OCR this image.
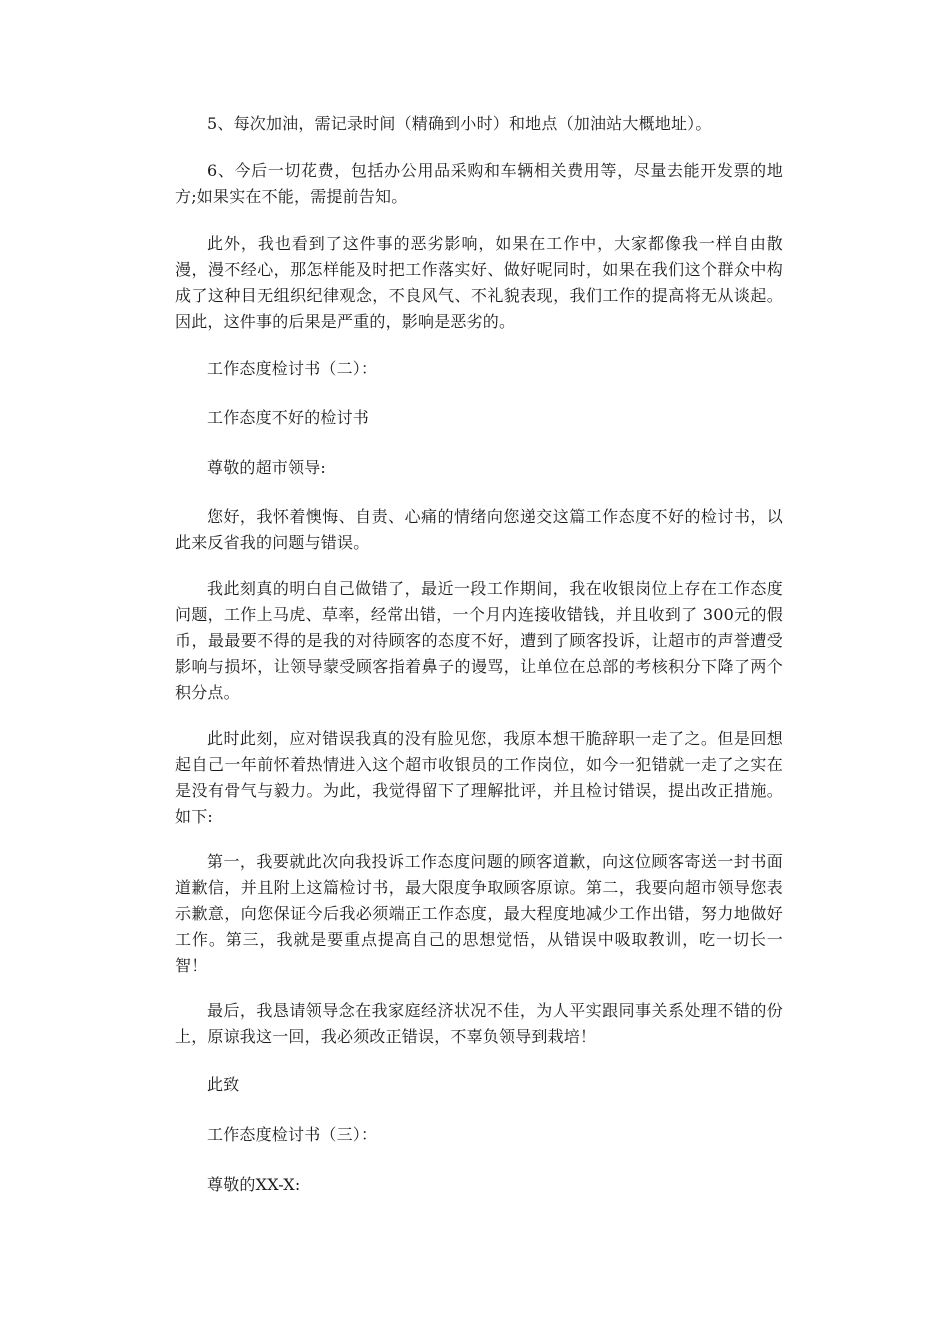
5、每次加油，需记录时间（精确到小时）和地点（加油站大概地址）。

6、今后一切花费，包括办公用品采购和车辆相关费用等，尽量去能开发票的地方;如果实在不能，需提前告知。

此外，我也看到了这件事的恶劣影响，如果在工作中，大家都像我一样自由散漫，漫不经心，那怎样能及时把工作落实好、做好呢同时，如果在我们这个群众中构成了这种目无组织纪律观念，不良风气、不礼貌表现，我们工作的提高将无从谈起。因此，这件事的后果是严重的，影响是恶劣的。

工作态度检讨书（二）：

工作态度不好的检讨书

尊敬的超市领导:

您好，我怀着懊悔、自责、心痛的情绪向您递交这篇工作态度不好的检讨书，以此来反省我的问题与错误。

我此刻真的明白自己做错了，最近一段工作期间，我在收银岗位上存在工作态度问题，工作上马虎、草率，经常出错，一个月内连接收错钱，并且收到了 300元的假币，最最要不得的是我的对待顾客的态度不好，遭到了顾客投诉，让超市的声誉遭受影响与损坏，让领导蒙受顾客指着鼻子的谩骂，让单位在总部的考核积分下降了两个积分点。

此时此刻，应对错误我真的没有脸见您，我原本想干脆辞职一走了之。但是回想起自己一年前怀着热情进入这个超市收银员的工作岗位，如今一犯错就一走了之实在是没有骨气与毅力。为此，我觉得留下了理解批评，并且检讨错误，提出改正措施。如下:

第一，我要就此次向我投诉工作态度问题的顾客道歉，向这位顾客寄送一封书面道歉信，并且附上这篇检讨书，最大限度争取顾客原谅。第二，我要向超市领导您表示歉意，向您保证今后我必须端正工作态度，最大程度地减少工作出错，努力地做好工作。第三，我就是要重点提高自己的思想觉悟，从错误中吸取教训，吃一切长一智！

最后，我恳请领导念在我家庭经济状况不佳，为人平实跟同事关系处理不错的份上，原谅我这一回，我必须改正错误，不辜负领导到栽培！

此致

工作态度检讨书（三）：

尊敬的XX-X:
